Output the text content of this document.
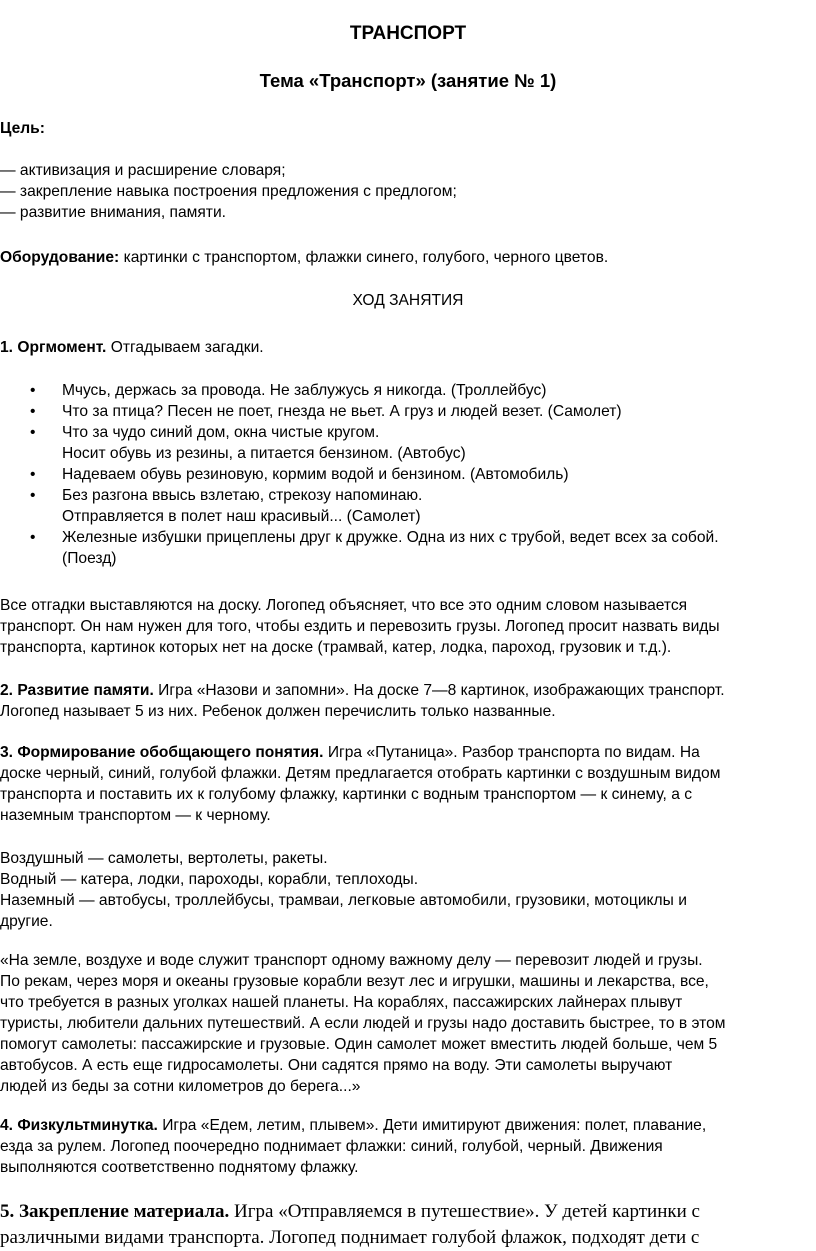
ТРАНСПОРТ
Тема «Транспорт» (занятие № 1)
Цель:
— активизация и расширение словаря;
— закрепление навыка построения предложения с предлогом;
— развитие внимания, памяти.
Оборудование: картинки с транспортом, флажки синего, голубого, черного цветов.
ХОД ЗАНЯТИЯ
1. Оргмомент. Отгадываем загадки.
• Мчусь, держась за провода. Не заблужусь я никогда. (Троллейбус)
• Что за птица? Песен не поет, гнезда не вьет. А груз и людей везет. (Самолет)
• Что за чудо синий дом, окна чистые кругом.
Носит обувь из резины, а питается бензином. (Автобус)
• Надеваем обувь резиновую, кормим водой и бензином. (Автомобиль)
• Без разгона ввысь взлетаю, стрекозу напоминаю.
Отправляется в полет наш красивый... (Самолет)
• Железные избушки прицеплены друг к дружке. Одна из них с трубой, ведет всех за собой.
(Поезд)
Все отгадки выставляются на доску. Логопед объясняет, что все это одним словом называется
транспорт. Он нам нужен для того, чтобы ездить и перевозить грузы. Логопед просит назвать виды
транспорта, картинок которых нет на доске (трамвай, катер, лодка, пароход, грузовик и т.д.).
2. Развитие памяти. Игра «Назови и запомни». На доске 7—8 картинок, изображающих транспорт.
Логопед называет 5 из них. Ребенок должен перечислить только названные.
3. Формирование обобщающего понятия. Игра «Путаница». Разбор транспорта по видам. На
доске черный, синий, голубой флажки. Детям предлагается отобрать картинки с воздушным видом
транспорта и поставить их к голубому флажку, картинки с водным транспортом — к синему, а с
наземным транспортом — к черному.
Воздушный — самолеты, вертолеты, ракеты.
Водный — катера, лодки, пароходы, корабли, теплоходы.
Наземный — автобусы, троллейбусы, трамваи, легковые автомобили, грузовики, мотоциклы и
другие.
«На земле, воздухе и воде служит транспорт одному важному делу — перевозит людей и грузы.
По рекам, через моря и океаны грузовые корабли везут лес и игрушки, машины и лекарства, все,
что требуется в разных уголках нашей планеты. На кораблях, пассажирских лайнерах плывут
туристы, любители дальних путешествий. А если людей и грузы надо доставить быстрее, то в этом
помогут самолеты: пассажирские и грузовые. Один самолет может вместить людей больше, чем 5
автобусов. А есть еще гидросамолеты. Они садятся прямо на воду. Эти самолеты выручают
людей из беды за сотни километров до берега...»
4. Физкультминутка. Игра «Едем, летим, плывем». Дети имитируют движения: полет, плавание,
езда за рулем. Логопед поочередно поднимает флажки: синий, голубой, черный. Движения
выполняются соответственно поднятому флажку.
5. Закрепление материала. Игра «Отправляемся в путешествие». У детей картинки с
различными видами транспорта. Логопед поднимает голубой флажок, подходят дети с
